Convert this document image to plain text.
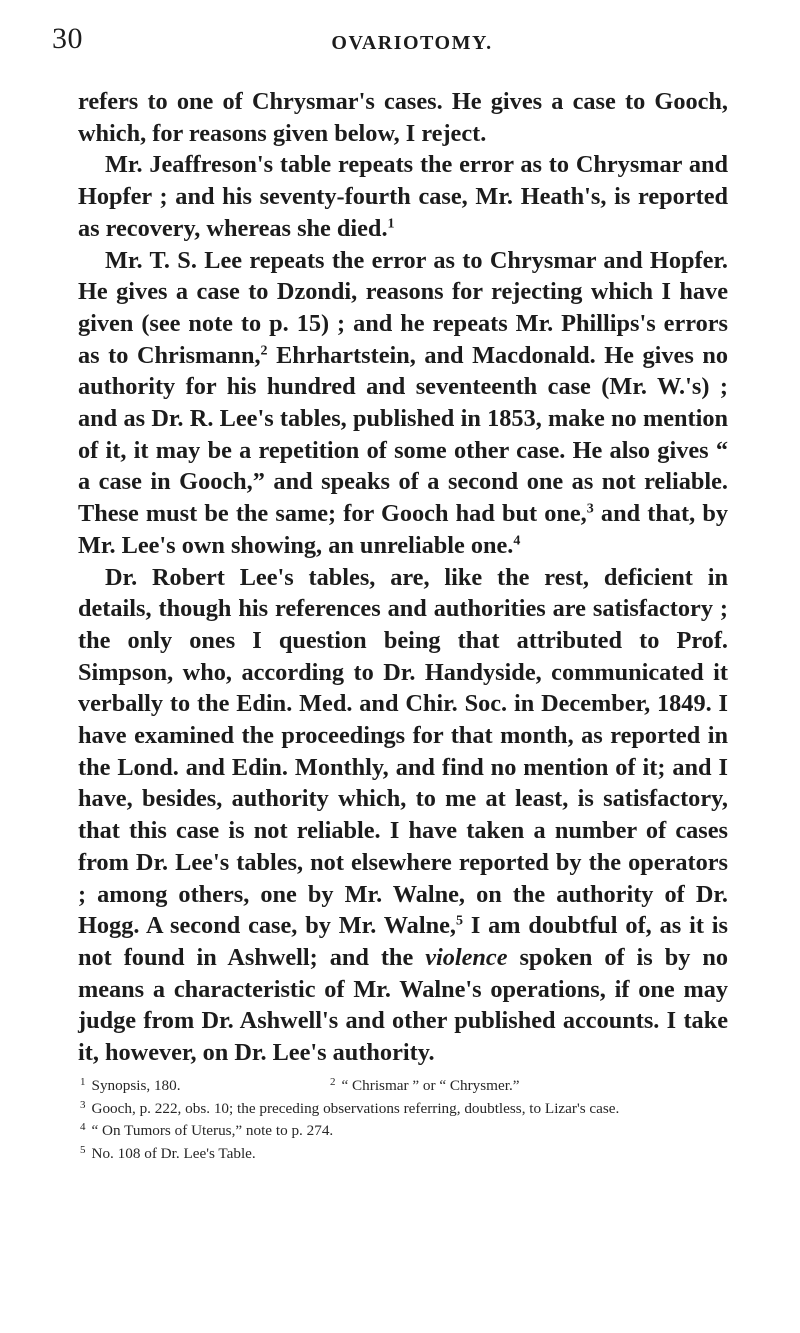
30	OVARIOTOMY.

refers to one of Chrysmar's cases. He gives a case to Gooch, which, for reasons given below, I reject.

Mr. Jeaffreson's table repeats the error as to Chrysmar and Hopfer ; and his seventy-fourth case, Mr. Heath's, is reported as recovery, whereas she died.$^1$

Mr. T. S. Lee repeats the error as to Chrysmar and Hopfer. He gives a case to Dzondi, reasons for rejecting which I have given (see note to p. 15) ; and he repeats Mr. Phillips's errors as to Chrismann,$^2$ Ehrhartstein, and Macdonald. He gives no authority for his hundred and seventeenth case (Mr. W.'s) ; and as Dr. R. Lee's tables, published in 1853, make no mention of it, it may be a repetition of some other case. He also gives “ a case in Gooch,” and speaks of a second one as not reliable. These must be the same; for Gooch had but one,$^3$ and that, by Mr. Lee's own showing, an unreliable one.$^4$

Dr. Robert Lee's tables, are, like the rest, deficient in details, though his references and authorities are satisfactory ; the only ones I question being that attributed to Prof. Simpson, who, according to Dr. Handyside, communicated it verbally to the Edin. Med. and Chir. Soc. in December, 1849. I have examined the proceedings for that month, as reported in the Lond. and Edin. Monthly, and find no mention of it; and I have, besides, authority which, to me at least, is satisfactory, that this case is not reliable. I have taken a number of cases from Dr. Lee's tables, not elsewhere reported by the operators ; among others, one by Mr. Walne, on the authority of Dr. Hogg. A second case, by Mr. Walne,$^5$ I am doubtful of, as it is not found in Ashwell; and the violence spoken of is by no means a characteristic of Mr. Walne's operations, if one may judge from Dr. Ashwell's and other published accounts. I take it, however, on Dr. Lee's authority.

$^1$ Synopsis, 180.	$^2$ “ Chrismar ” or “ Chrysmer.”

$^3$ Gooch, p. 222, obs. 10; the preceding observations referring, doubtless, to Lizar's case.

$^4$ “ On Tumors of Uterus,” note to p. 274.

$^5$ No. 108 of Dr. Lee's Table.
